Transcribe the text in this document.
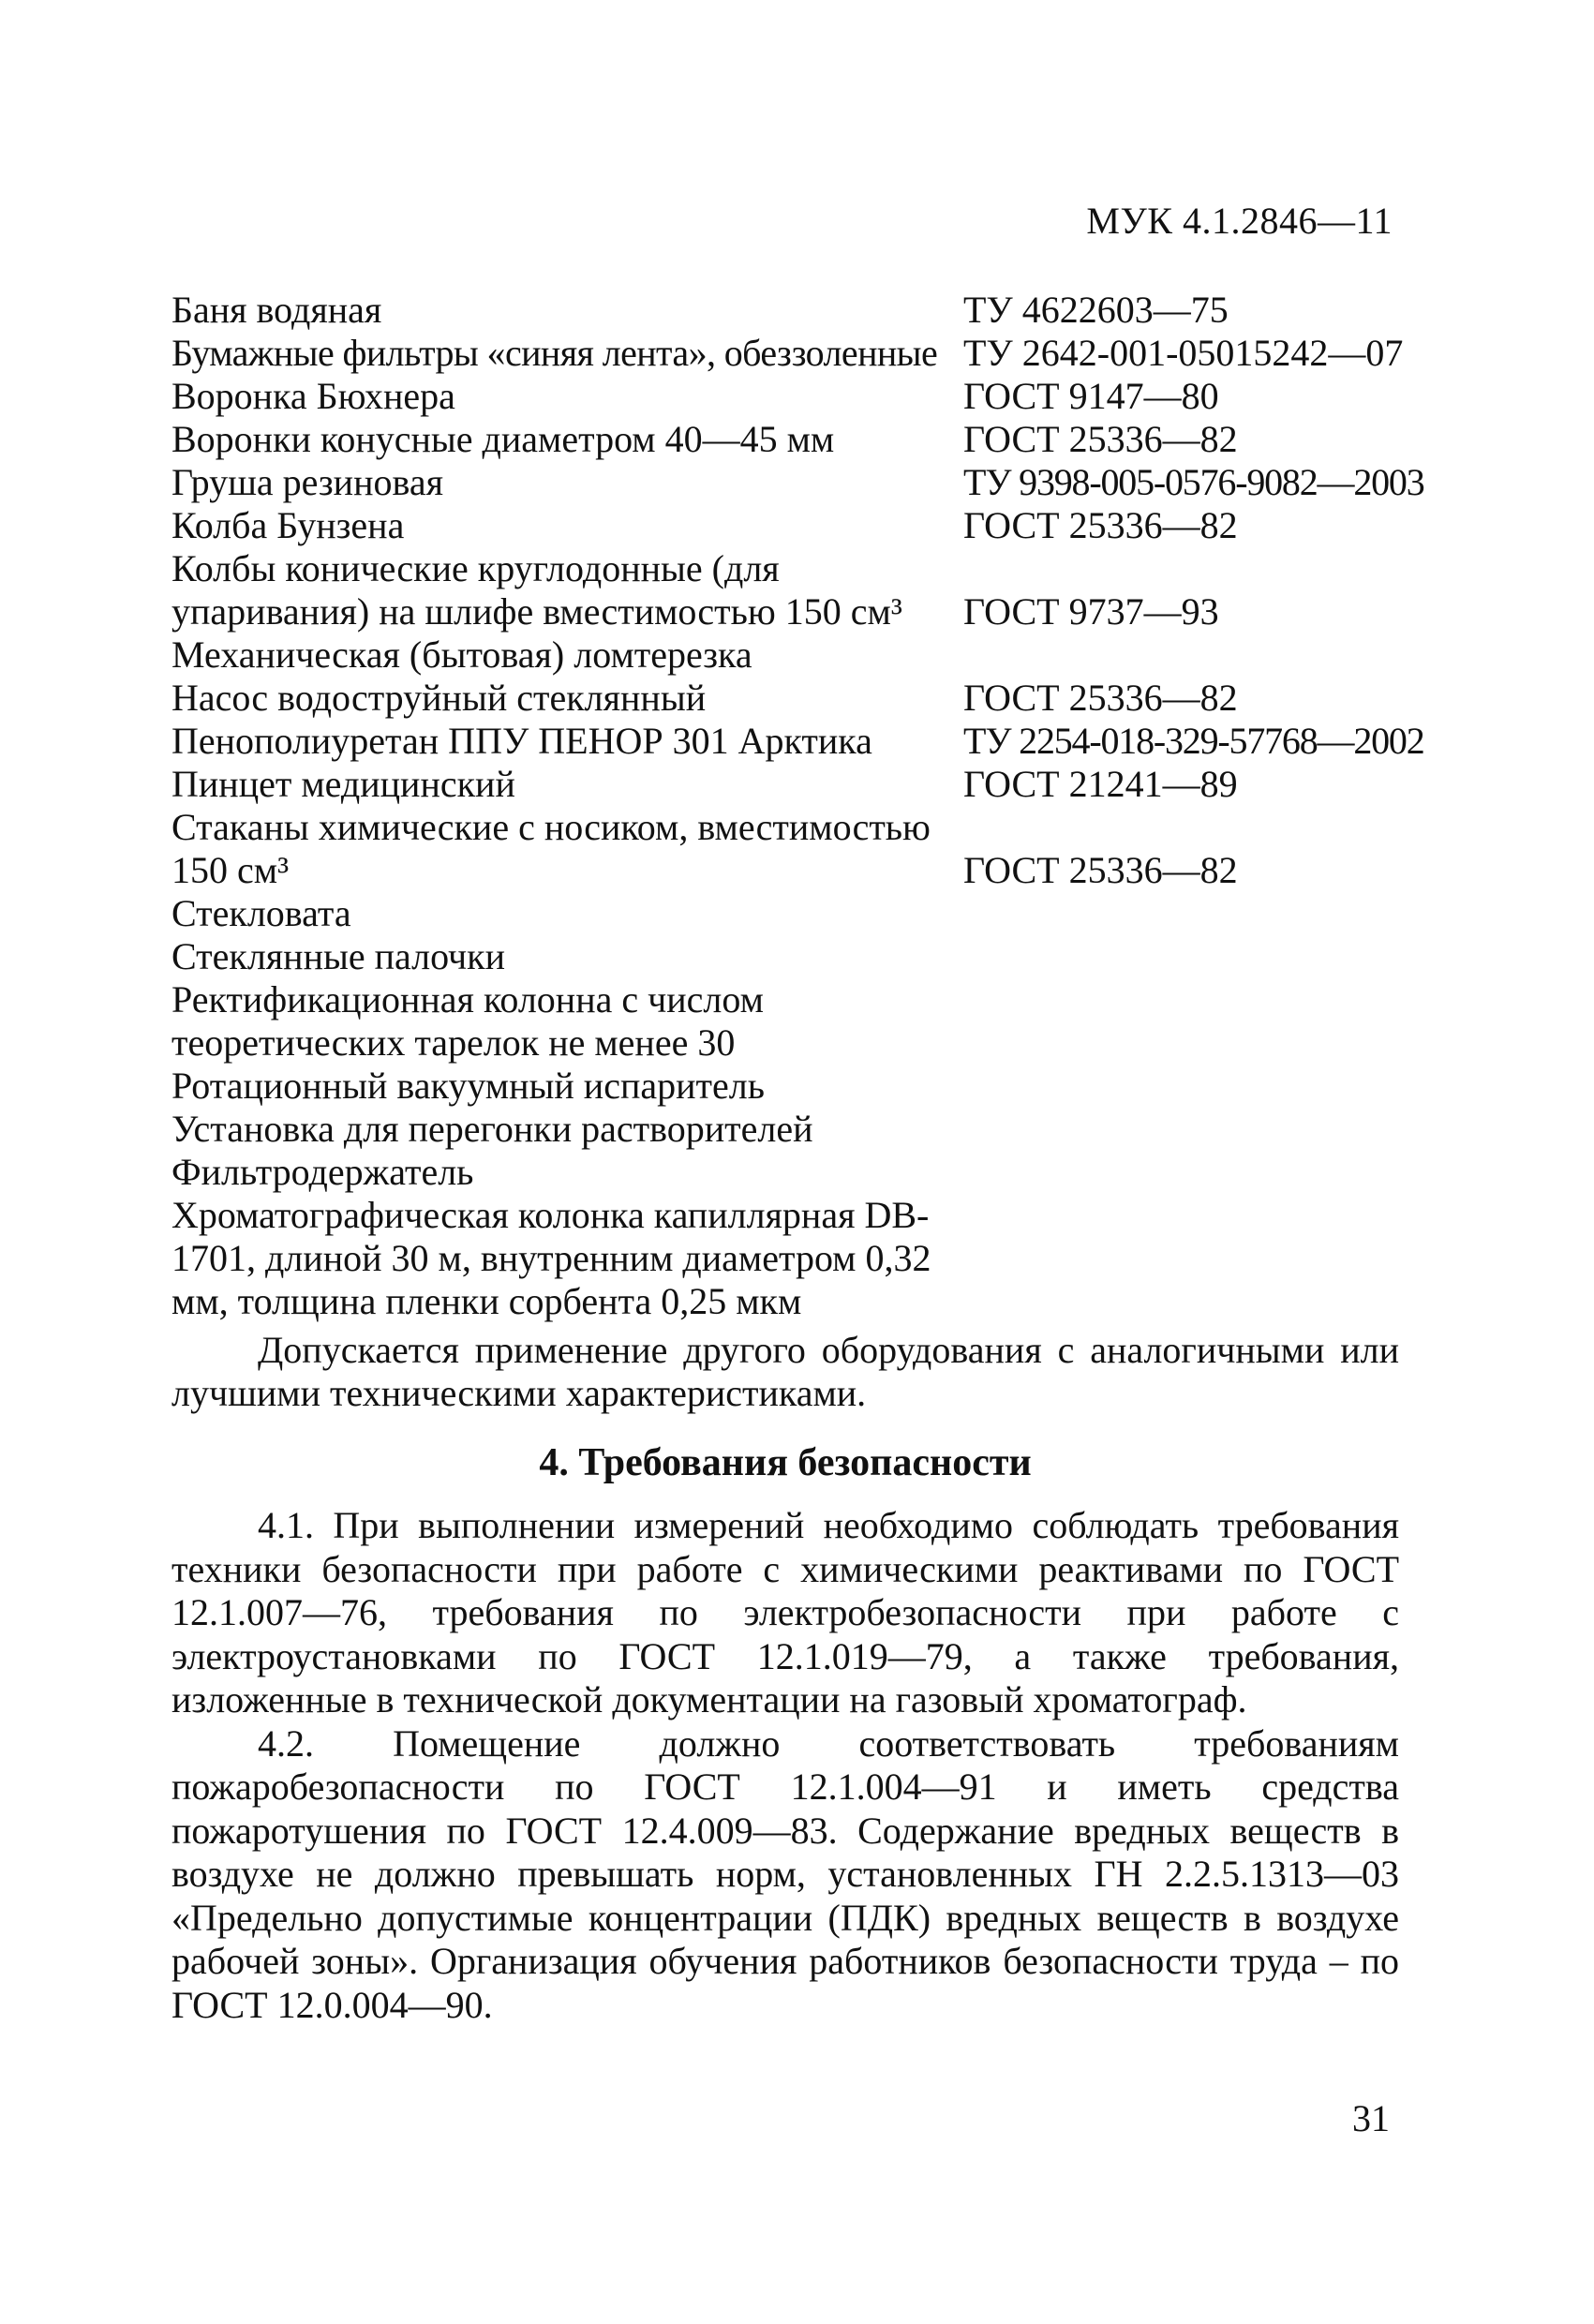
МУК 4.1.2846—11
Баня водяная	ТУ 4622603—75
Бумажные фильтры «синяя лента», обеззоленные ТУ 2642-001-05015242—07
Воронка Бюхнера	ГОСТ 9147—80
Воронки конусные диаметром 40—45 мм	ГОСТ 25336—82
Груша резиновая	ТУ 9398-005-0576-9082—2003
Колба Бунзена	ГОСТ 25336—82
Колбы конические круглодонные (для упаривания) на шлифе вместимостью 150 см³	ГОСТ 9737—93
Механическая (бытовая) ломтерезка
Насос водоструйный стеклянный	ГОСТ 25336—82
Пенополиуретан ППУ ПЕНОР 301 Арктика	ТУ 2254-018-329-57768—2002
Пинцет медицинский	ГОСТ 21241—89
Стаканы химические с носиком, вместимостью 150 см³	ГОСТ 25336—82
Стекловата
Стеклянные палочки
Ректификационная колонна с числом теоретических тарелок не менее 30
Ротационный вакуумный испаритель
Установка для перегонки растворителей
Фильтродержатель
Хроматографическая колонка капиллярная DB-1701, длиной 30 м, внутренним диаметром 0,32 мм, толщина пленки сорбента 0,25 мкм

Допускается применение другого оборудования с аналогичными или лучшими техническими характеристиками.

4. Требования безопасности

4.1. При выполнении измерений необходимо соблюдать требования техники безопасности при работе с химическими реактивами по ГОСТ 12.1.007—76, требования по электробезопасности при работе с электроустановками по ГОСТ 12.1.019—79, а также требования, изложенные в технической документации на газовый хроматограф.

4.2. Помещение должно соответствовать требованиям пожаробезопасности по ГОСТ 12.1.004—91 и иметь средства пожаротушения по ГОСТ 12.4.009—83. Содержание вредных веществ в воздухе не должно превышать норм, установленных ГН 2.2.5.1313—03 «Предельно допустимые концентрации (ПДК) вредных веществ в воздухе рабочей зоны». Организация обучения работников безопасности труда – по ГОСТ 12.0.004—90.

31
